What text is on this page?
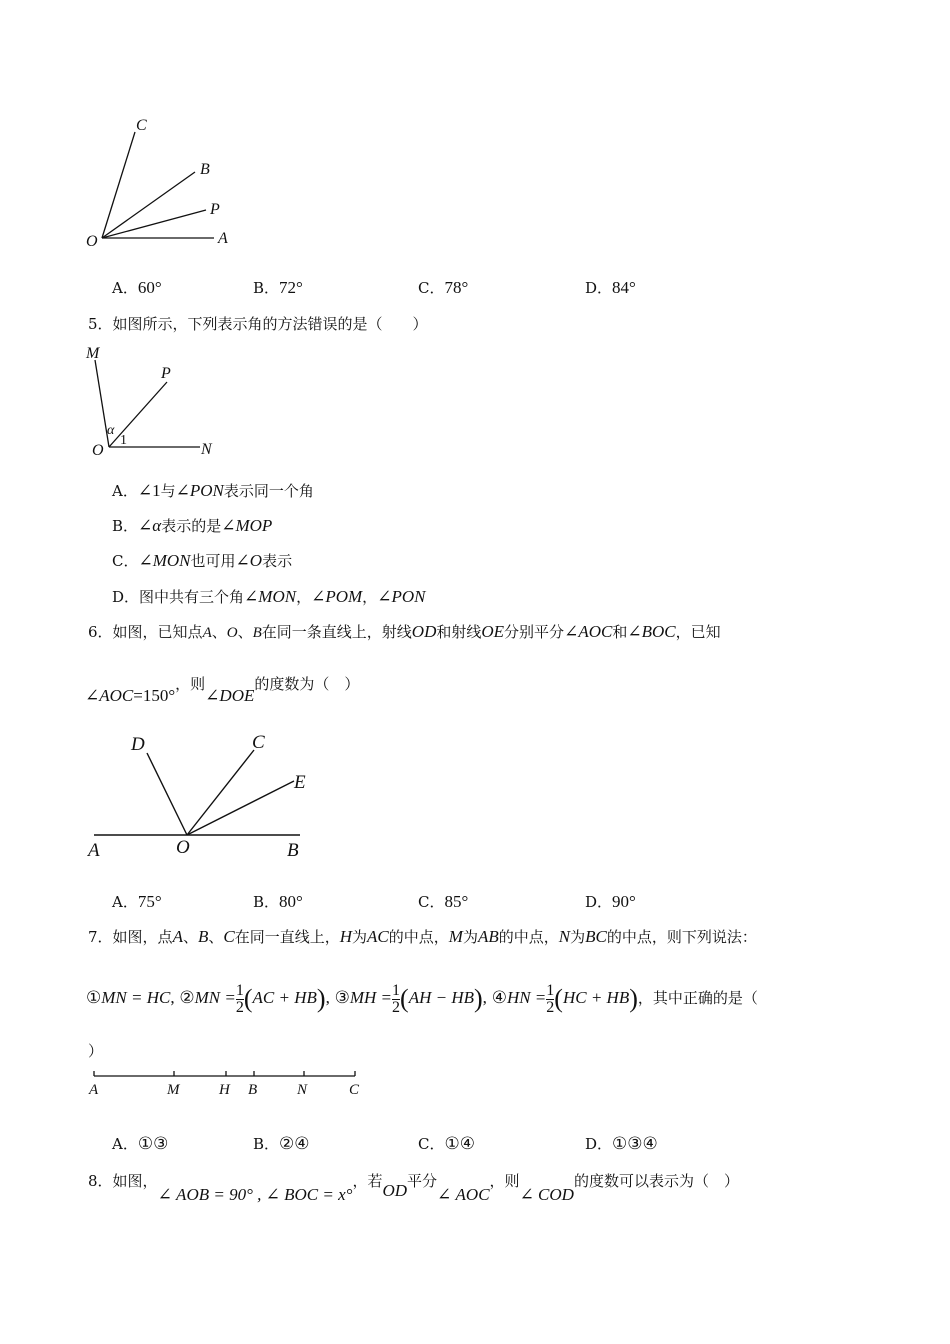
C
B
P
O	A
A．60°	B．72°	C．78°	D．84°
5．如图所示，下列表示角的方法错误的是（　　）
M
P
O	N
α
1
A．∠1与∠PON表示同一个角
B．∠α表示的是∠MOP
C．∠MON也可用∠O表示
D．图中共有三个角∠MON，∠POM，∠PON
6．如图，已知点A、O、B在同一条直线上，射线OD和射线OE分别平分∠AOC和∠BOC，已知
∠AOC=150°，则∠DOE的度数为（　）
D	C
E
A	O	B
A．75°	B．80°	C．85°	D．90°
7．如图，点A、B、C在同一直线上，H为AC的中点，M为AB的中点，N为BC的中点，则下列说法：
①MN = HC, ②MN = $\frac{1}{2} (AC + HB)$, ③MH = $\frac{1}{2} (AH - HB)$, ④HN = $\frac{1}{2} (HC + HB)$，其中正确的是（
）
A	M	H B	N	C
A．①③	B．②④	C．①④	D．①③④
8．如图，∠ AOB = 90° , ∠ BOC = x°，若OD平分∠ AOC，则∠ COD的度数可以表示为（　）
